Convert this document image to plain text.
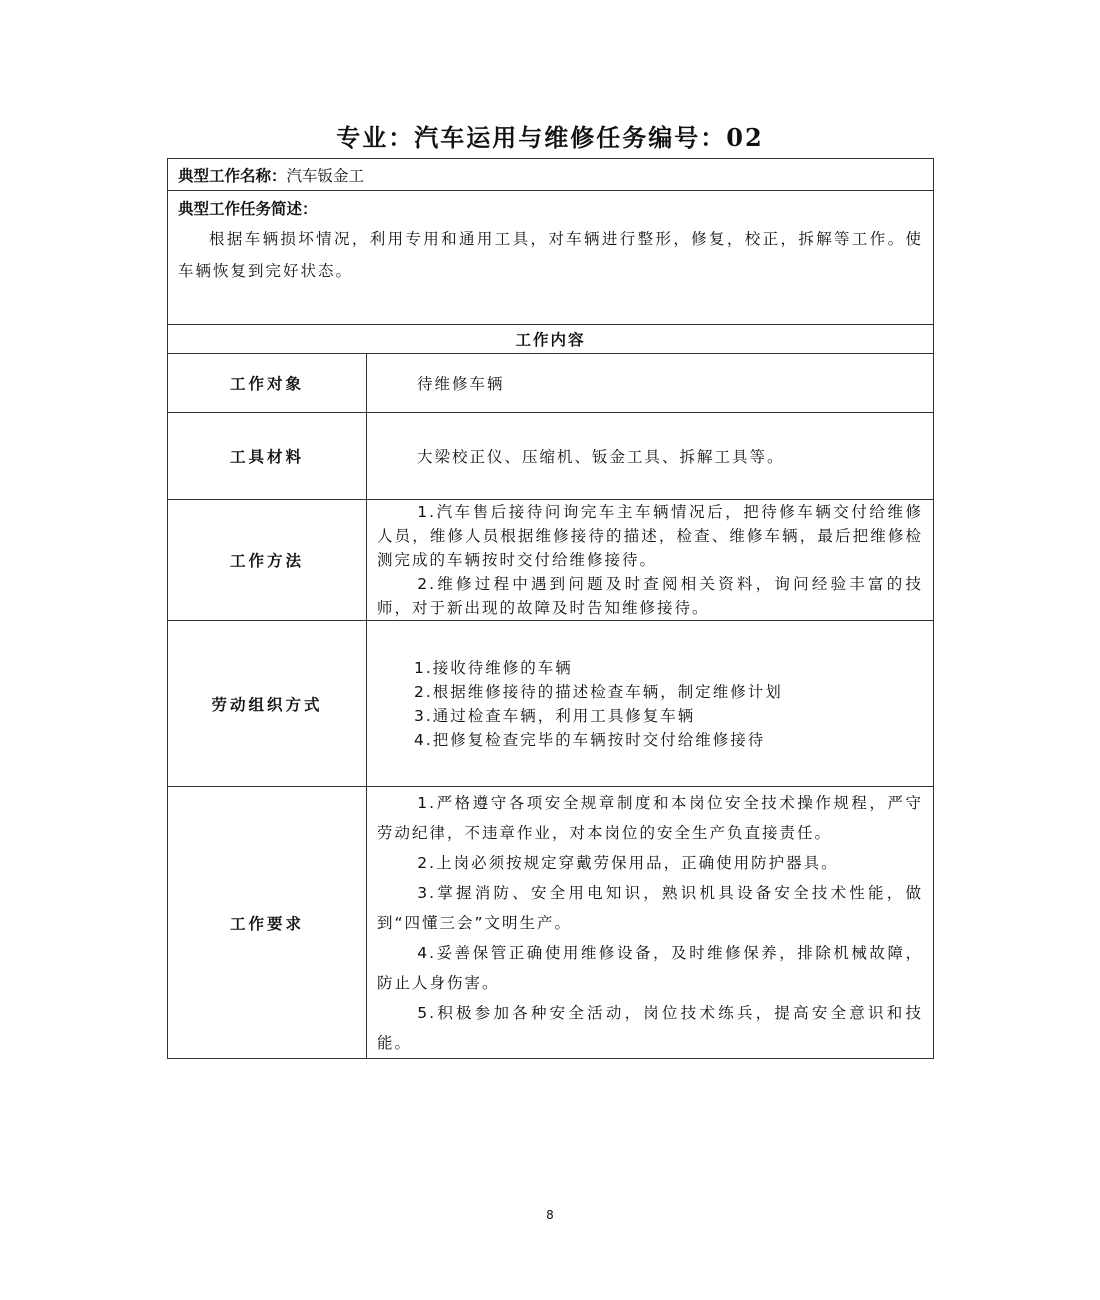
专业：汽车运用与维修任务编号：02
典型工作名称：汽车钣金工	

典型工作任务简述：
根据车辆损坏情况，利用专用和通用工具，对车辆进行整形，修复，校正，拆解等工作。使车辆恢复到完好状态。	

工作内容	
工作对象	待维修车辆

工具材料	大梁校正仪、压缩机、钣金工具、拆解工具等。

工作方法	1.汽车售后接待问询完车主车辆情况后，把待修车辆交付给维修人员，维修人员根据维修接待的描述，检查、维修车辆，最后把维修检测完成的车辆按时交付给维修接待。
2.维修过程中遇到问题及时查阅相关资料，询问经验丰富的技师，对于新出现的故障及时告知维修接待。

劳动组织方式	1.接收待维修的车辆
2.根据维修接待的描述检查车辆，制定维修计划
3.通过检查车辆，利用工具修复车辆
4.把修复检查完毕的车辆按时交付给维修接待

工作要求	1.严格遵守各项安全规章制度和本岗位安全技术操作规程，严守劳动纪律，不违章作业，对本岗位的安全生产负直接责任。
2.上岗必须按规定穿戴劳保用品，正确使用防护器具。
3.掌握消防、安全用电知识，熟识机具设备安全技术性能，做到“四懂三会”文明生产。
4.妥善保管正确使用维修设备，及时维修保养，排除机械故障，防止人身伤害。
5.积极参加各种安全活动，岗位技术练兵，提高安全意识和技能。
8
